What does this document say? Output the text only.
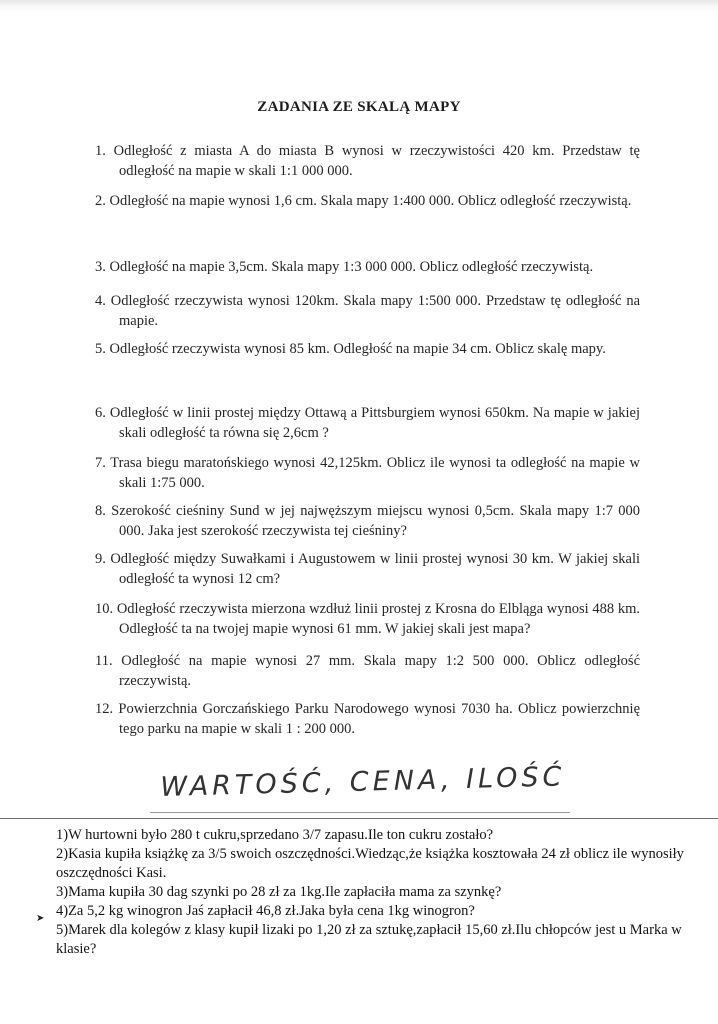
ZADANIA ZE SKALĄ MAPY
1. Odległość z miasta A do miasta B wynosi w rzeczywistości 420 km. Przedstaw tę odległość na mapie w skali 1:1 000 000.
2. Odległość na mapie wynosi 1,6 cm. Skala mapy 1:400 000. Oblicz odległość rzeczywistą.
3. Odległość na mapie 3,5cm. Skala mapy 1:3 000 000. Oblicz odległość rzeczywistą.
4. Odległość rzeczywista wynosi 120km. Skala mapy 1:500 000. Przedstaw tę odległość na mapie.
5. Odległość rzeczywista wynosi 85 km. Odległość na mapie 34 cm. Oblicz skalę mapy.
6. Odległość w linii prostej między Ottawą a Pittsburgiem wynosi 650km. Na mapie w jakiej skali odległość ta równa się 2,6cm ?
7. Trasa biegu maratońskiego wynosi 42,125km. Oblicz ile wynosi ta odległość na mapie w skali 1:75 000.
8. Szerokość cieśniny Sund w jej najwęższym miejscu wynosi 0,5cm. Skala mapy 1:7 000 000. Jaka jest szerokość rzeczywista tej cieśniny?
9. Odległość między Suwałkami i Augustowem w linii prostej wynosi 30 km. W jakiej skali odległość ta wynosi 12 cm?
10. Odległość rzeczywista mierzona wzdłuż linii prostej z Krosna do Elbląga wynosi 488 km. Odległość ta na twojej mapie wynosi 61 mm. W jakiej skali jest mapa?
11. Odległość na mapie wynosi 27 mm. Skala mapy 1:2 500 000. Oblicz odległość rzeczywistą.
12. Powierzchnia Gorczańskiego Parku Narodowego wynosi 7030 ha. Oblicz powierzchnię tego parku na mapie w skali 1 : 200 000.
WARTOŚĆ, CENA, ILOŚĆ
1)W hurtowni było 280 t cukru,sprzedano 3/7 zapasu.Ile ton cukru zostało?
2)Kasia kupiła książkę za 3/5 swoich oszczędności.Wiedząc,że książka kosztowała 24 zł oblicz ile wynosiły oszczędności Kasi.
3)Mama kupiła 30 dag szynki po 28 zł za 1kg.Ile zapłaciła mama za szynkę?
4)Za 5,2 kg winogron Jaś zapłacił 46,8 zł.Jaka była cena 1kg winogron?
5)Marek dla kolegów z klasy kupił lizaki po 1,20 zł za sztukę,zapłacił 15,60 zł.Ilu chłopców jest u Marka w klasie?
➤
